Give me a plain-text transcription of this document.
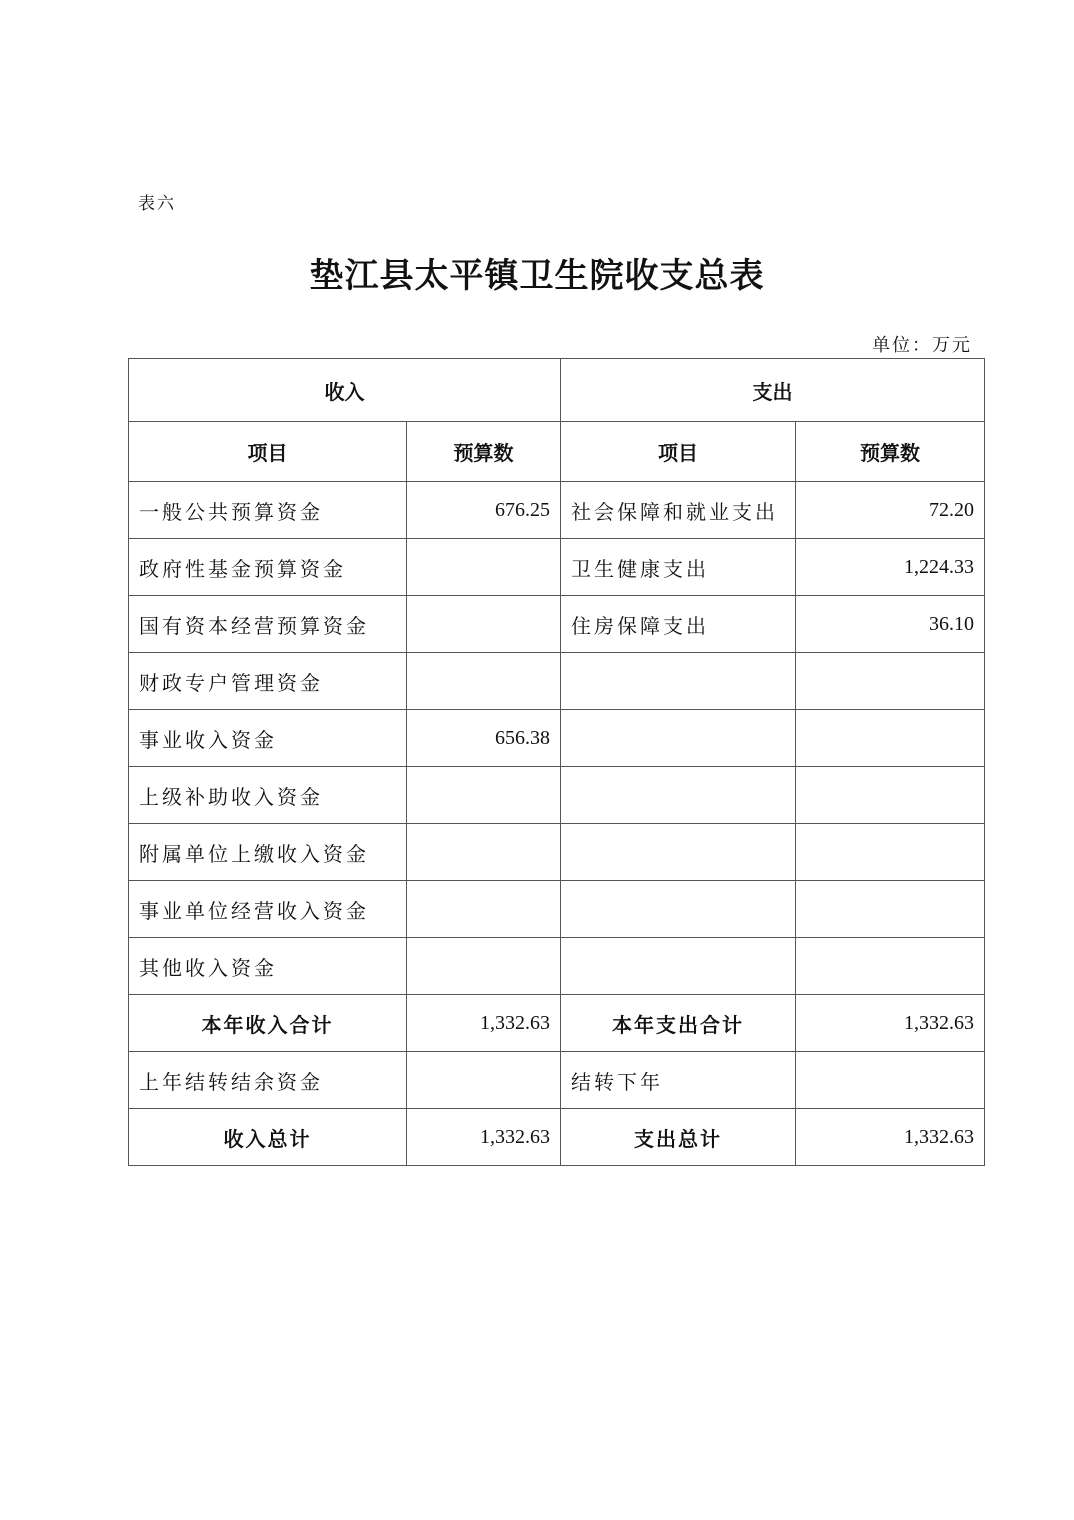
表六
垫江县太平镇卫生院收支总表
单位：万元
收入		支出	
项目	预算数	项目	预算数
一般公共预算资金	676.25	社会保障和就业支出	72.20
政府性基金预算资金		卫生健康支出	1,224.33
国有资本经营预算资金		住房保障支出	36.10
财政专户管理资金			
事业收入资金	656.38		
上级补助收入资金			
附属单位上缴收入资金			
事业单位经营收入资金			
其他收入资金			
本年收入合计	1,332.63	本年支出合计	1,332.63
上年结转结余资金		结转下年	
收入总计	1,332.63	支出总计	1,332.63
